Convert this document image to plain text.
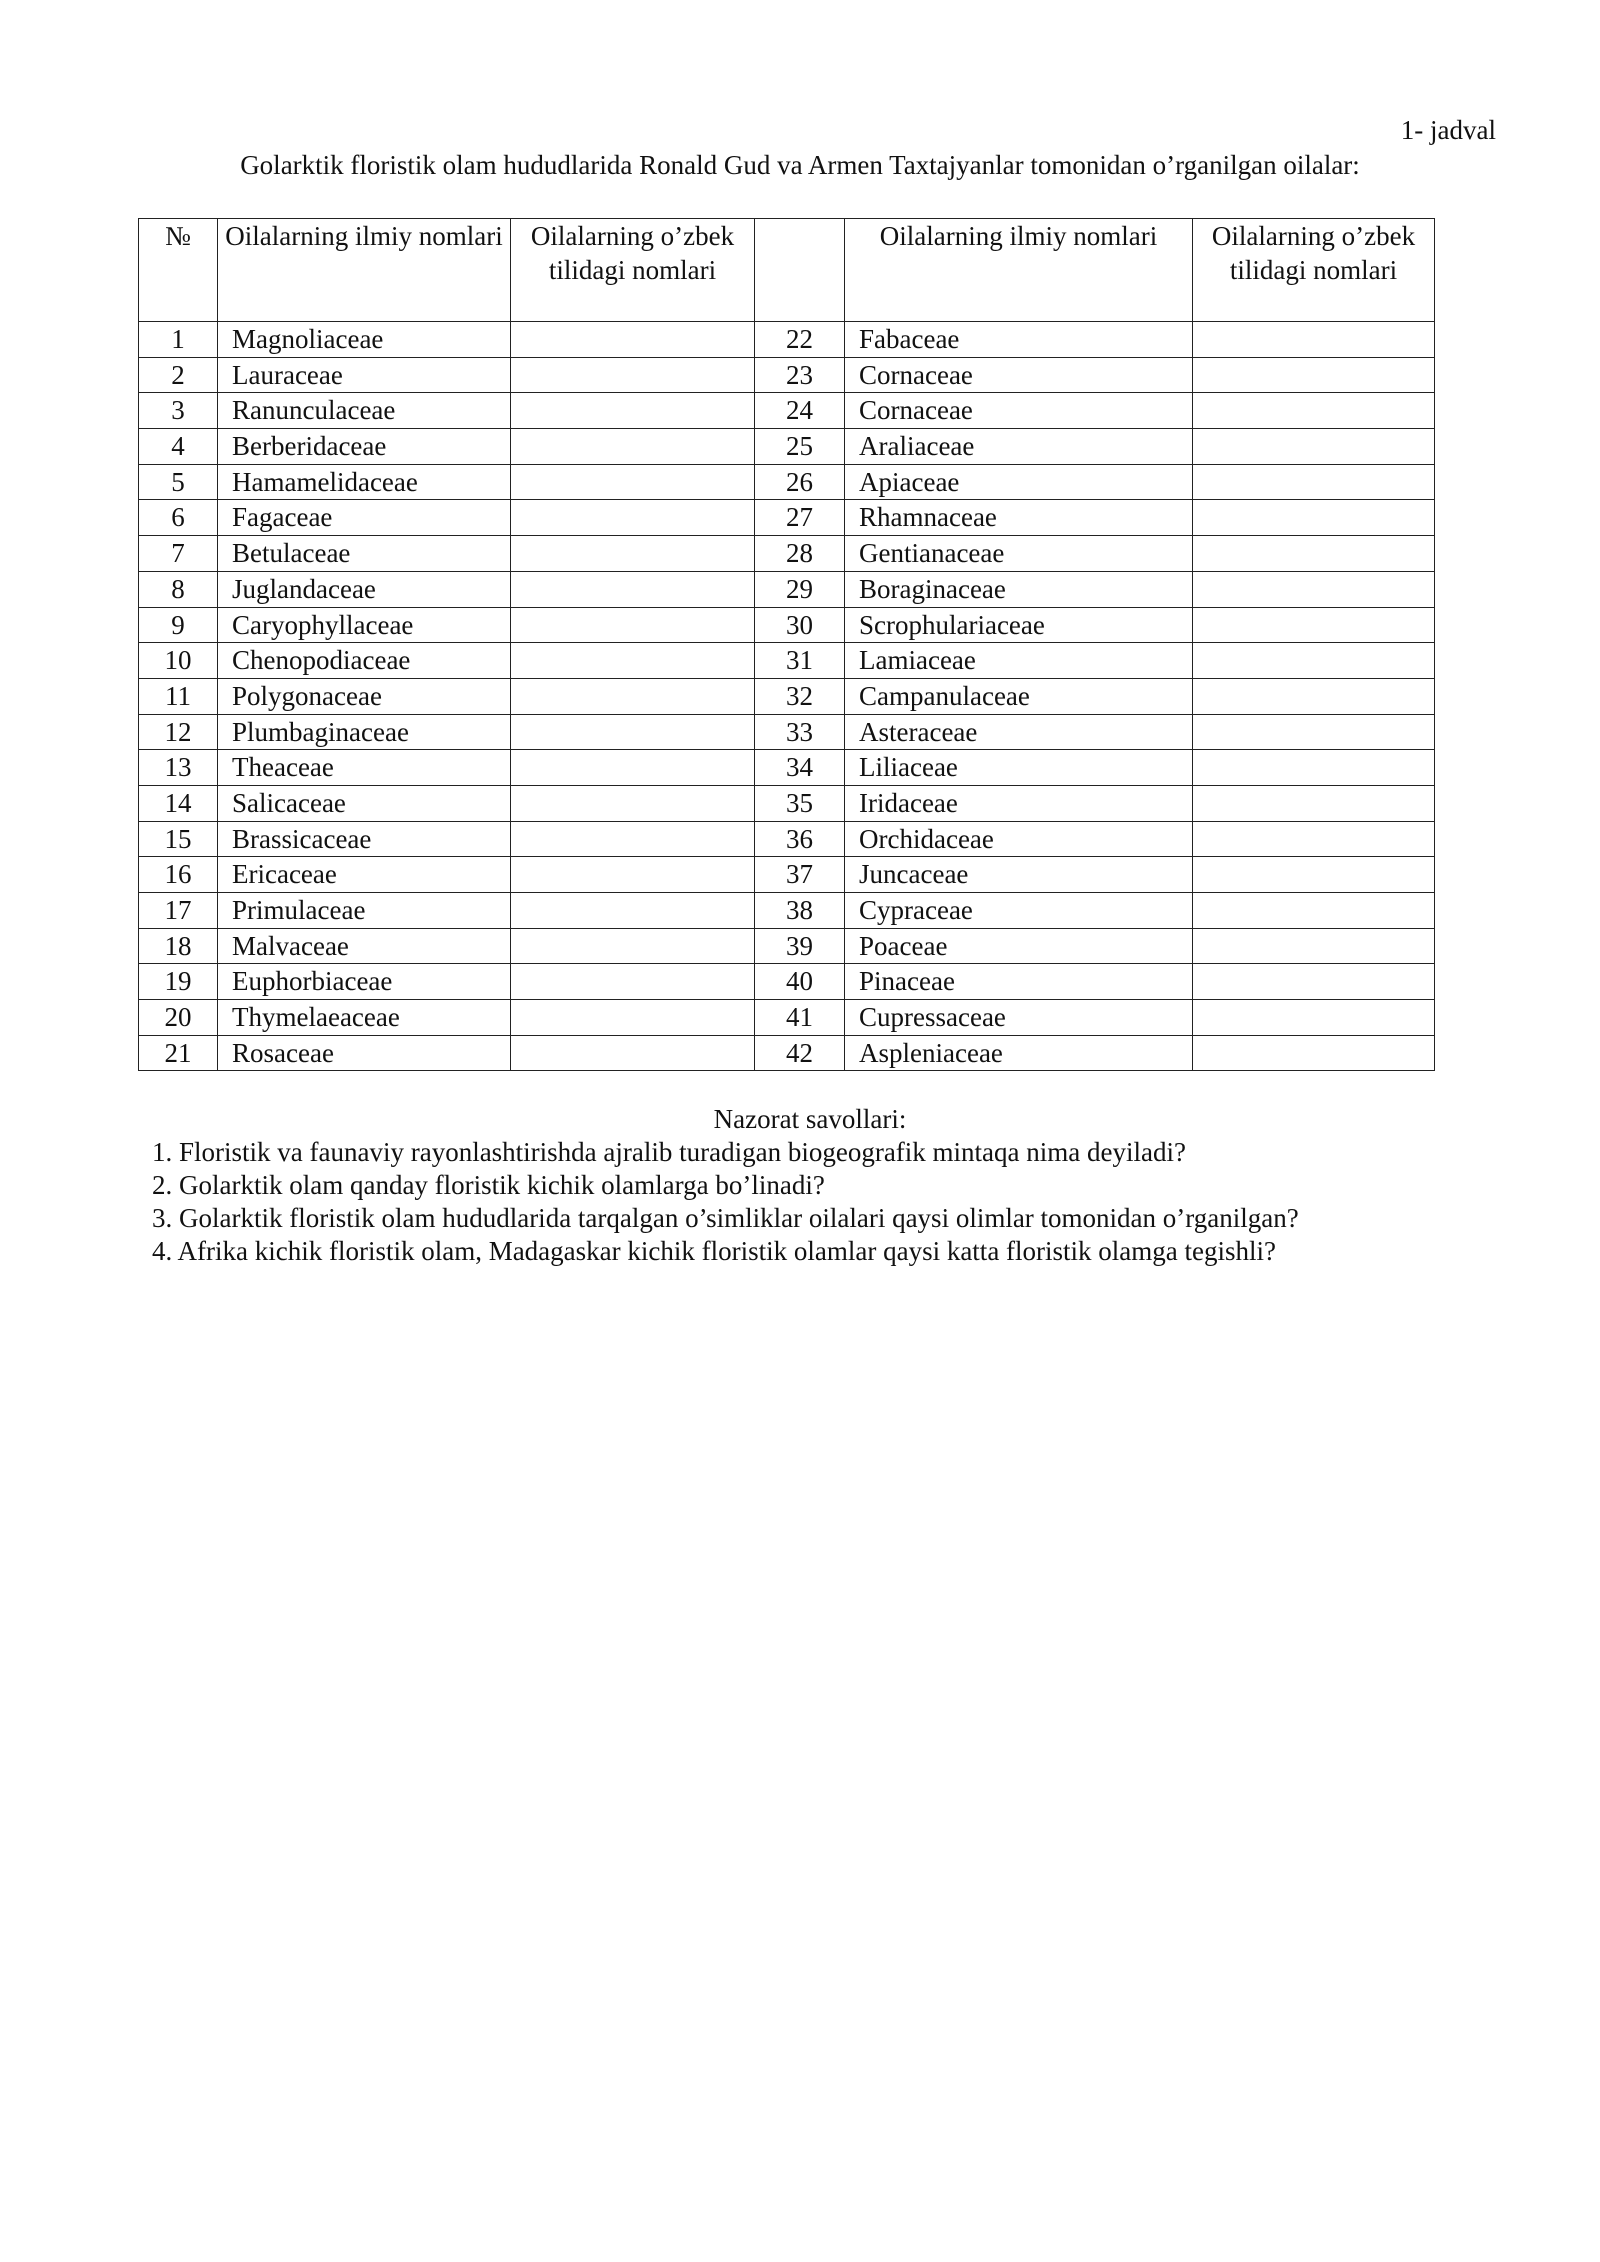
1- jadval
Golarktik floristik olam hududlarida Ronald Gud va Armen Taxtajyanlar tomonidan o’rganilgan oilalar:
№	Oilalarning ilmiy nomlari	Oilalarning o’zbek tilidagi nomlari		Oilalarning ilmiy nomlari	Oilalarning o’zbek tilidagi nomlari
1	Magnoliaceae		22	Fabaceae	
2	Lauraceae		23	Cornaceae	
3	Ranunculaceae		24	Cornaceae	
4	Berberidaceae		25	Araliaceae	
5	Hamamelidaceae		26	Apiaceae	
6	Fagaceae		27	Rhamnaceae	
7	Betulaceae		28	Gentianaceae	
8	Juglandaceae		29	Boraginaceae	
9	Caryophyllaceae		30	Scrophulariaceae	
10	Chenopodiaceae		31	Lamiaceae	
11	Polygonaceae		32	Campanulaceae	
12	Plumbaginaceae		33	Asteraceae	
13	Theaceae		34	Liliaceae	
14	Salicaceae		35	Iridaceae	
15	Brassicaceae		36	Orchidaceae	
16	Ericaceae		37	Juncaceae	
17	Primulaceae		38	Cypraceae	
18	Malvaceae		39	Poaceae	
19	Euphorbiaceae		40	Pinaceae	
20	Thymelaeaceae		41	Cupressaceae	
21	Rosaceae		42	Aspleniaceae	
Nazorat savollari:
1. Floristik va faunaviy rayonlashtirishda ajralib turadigan biogeografik mintaqa nima deyiladi?
2. Golarktik olam qanday floristik kichik olamlarga bo’linadi?
3. Golarktik floristik olam hududlarida tarqalgan o’simliklar oilalari qaysi olimlar tomonidan o’rganilgan?
4. Afrika kichik floristik olam, Madagaskar kichik floristik olamlar qaysi katta floristik olamga tegishli?
